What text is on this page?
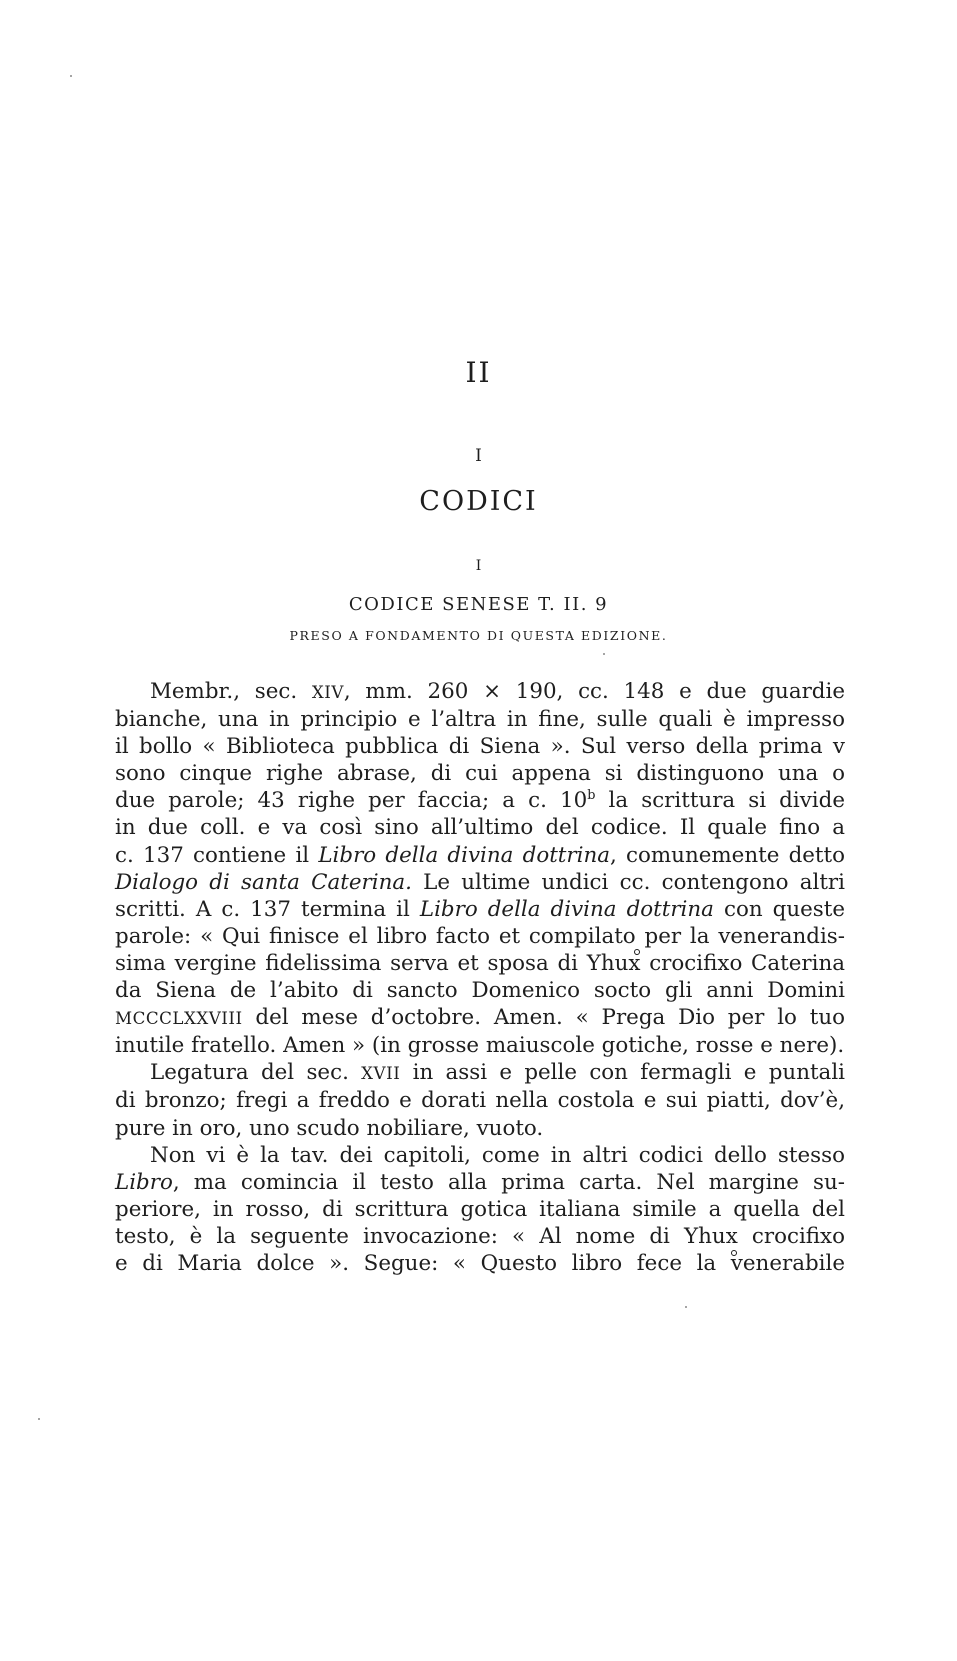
II
I
CODICI
I
CODICE SENESE T. II. 9
PRESO A FONDAMENTO DI QUESTA EDIZIONE.

Membr., sec. XIV, mm. 260 × 190, cc. 148 e due guardie

bianche, una in principio e l’altra in fine, sulle quali è impresso

il bollo « Biblioteca pubblica di Siena ». Sul verso della prima v

sono cinque righe abrase, di cui appena si distinguono una o

due parole; 43 righe per faccia; a c. 10$^b$ la scrittura si divide

in due coll. e va così sino all’ultimo del codice. Il quale fino a

c. 137 contiene il Libro della divina dottrina, comunemente detto

Dialogo di santa Caterina. Le ultime undici cc. contengono altri

scritti. A c. 137 termina il Libro della divina dottrina con queste

parole: « Qui finisce el libro facto et compilato per la venerandis-

sima vergine fidelissima serva et sposa di Yhux crocifixo Caterina

da Siena de l’abito di sancto Domenico socto gli anni Domini

MCCCLXXVIII del mese d’octobre. Amen. « Prega Dio per lo tuo

inutile fratello. Amen » (in grosse maiuscole gotiche, rosse e nere).

Legatura del sec. XVII in assi e pelle con fermagli e puntali

di bronzo; fregi a freddo e dorati nella costola e sui piatti, dov’è,

pure in oro, uno scudo nobiliare, vuoto.

Non vi è la tav. dei capitoli, come in altri codici dello stesso

Libro, ma comincia il testo alla prima carta. Nel margine su-

periore, in rosso, di scrittura gotica italiana simile a quella del

testo, è la seguente invocazione: « Al nome di Yhux crocifixo

e di Maria dolce ». Segue: « Questo libro fece la venerabile
